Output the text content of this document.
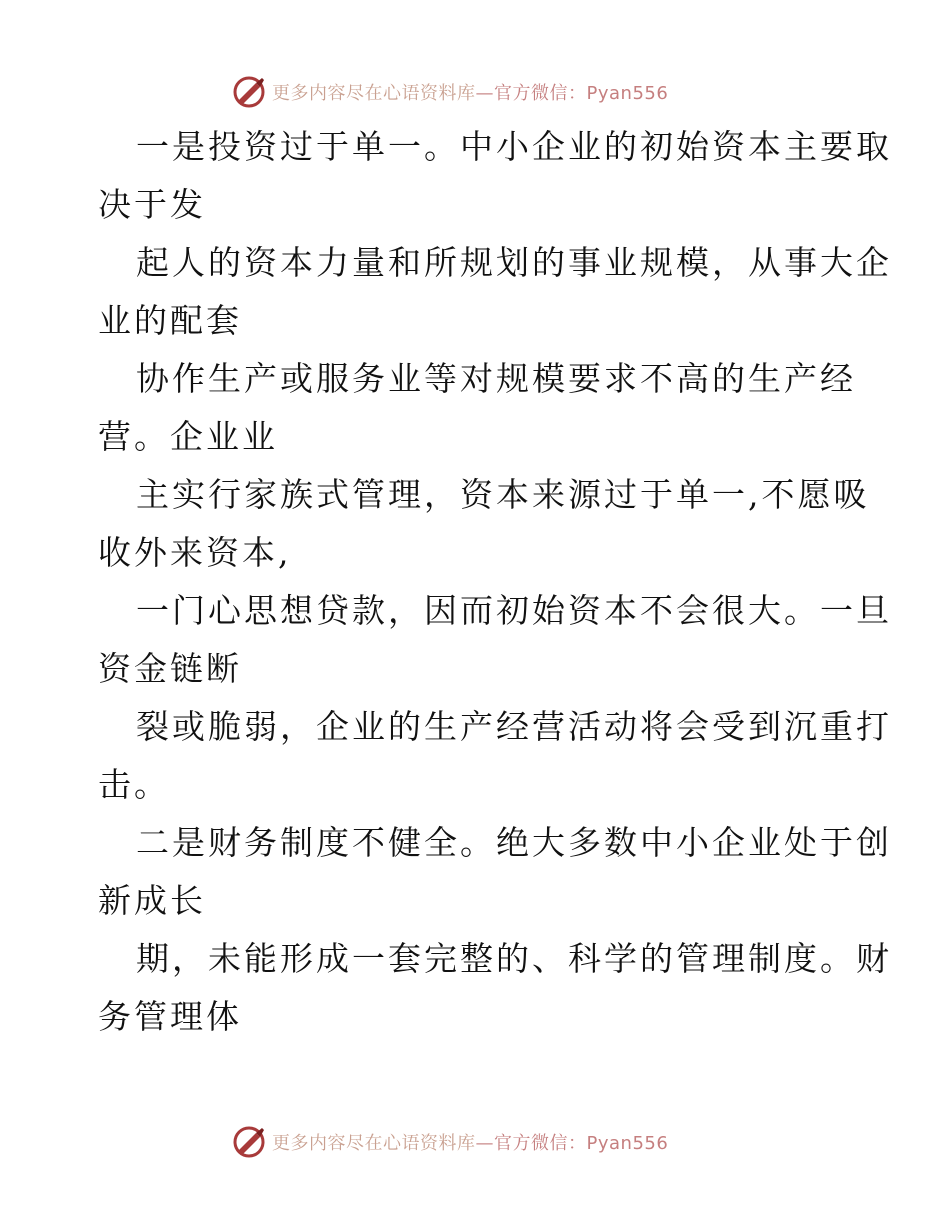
更多内容尽在心语资料库—官方微信：Pyan556

一是投资过于单一。中小企业的初始资本主要取

决于发

起人的资本力量和所规划的事业规模，从事大企

业的配套

协作生产或服务业等对规模要求不高的生产经

营。企业业

主实行家族式管理，资本来源过于单一,不愿吸

收外来资本,

一门心思想贷款，因而初始资本不会很大。一旦

资金链断

裂或脆弱，企业的生产经营活动将会受到沉重打

击。

二是财务制度不健全。绝大多数中小企业处于创

新成长

期，未能形成一套完整的、科学的管理制度。财

务管理体

更多内容尽在心语资料库—官方微信：Pyan556
